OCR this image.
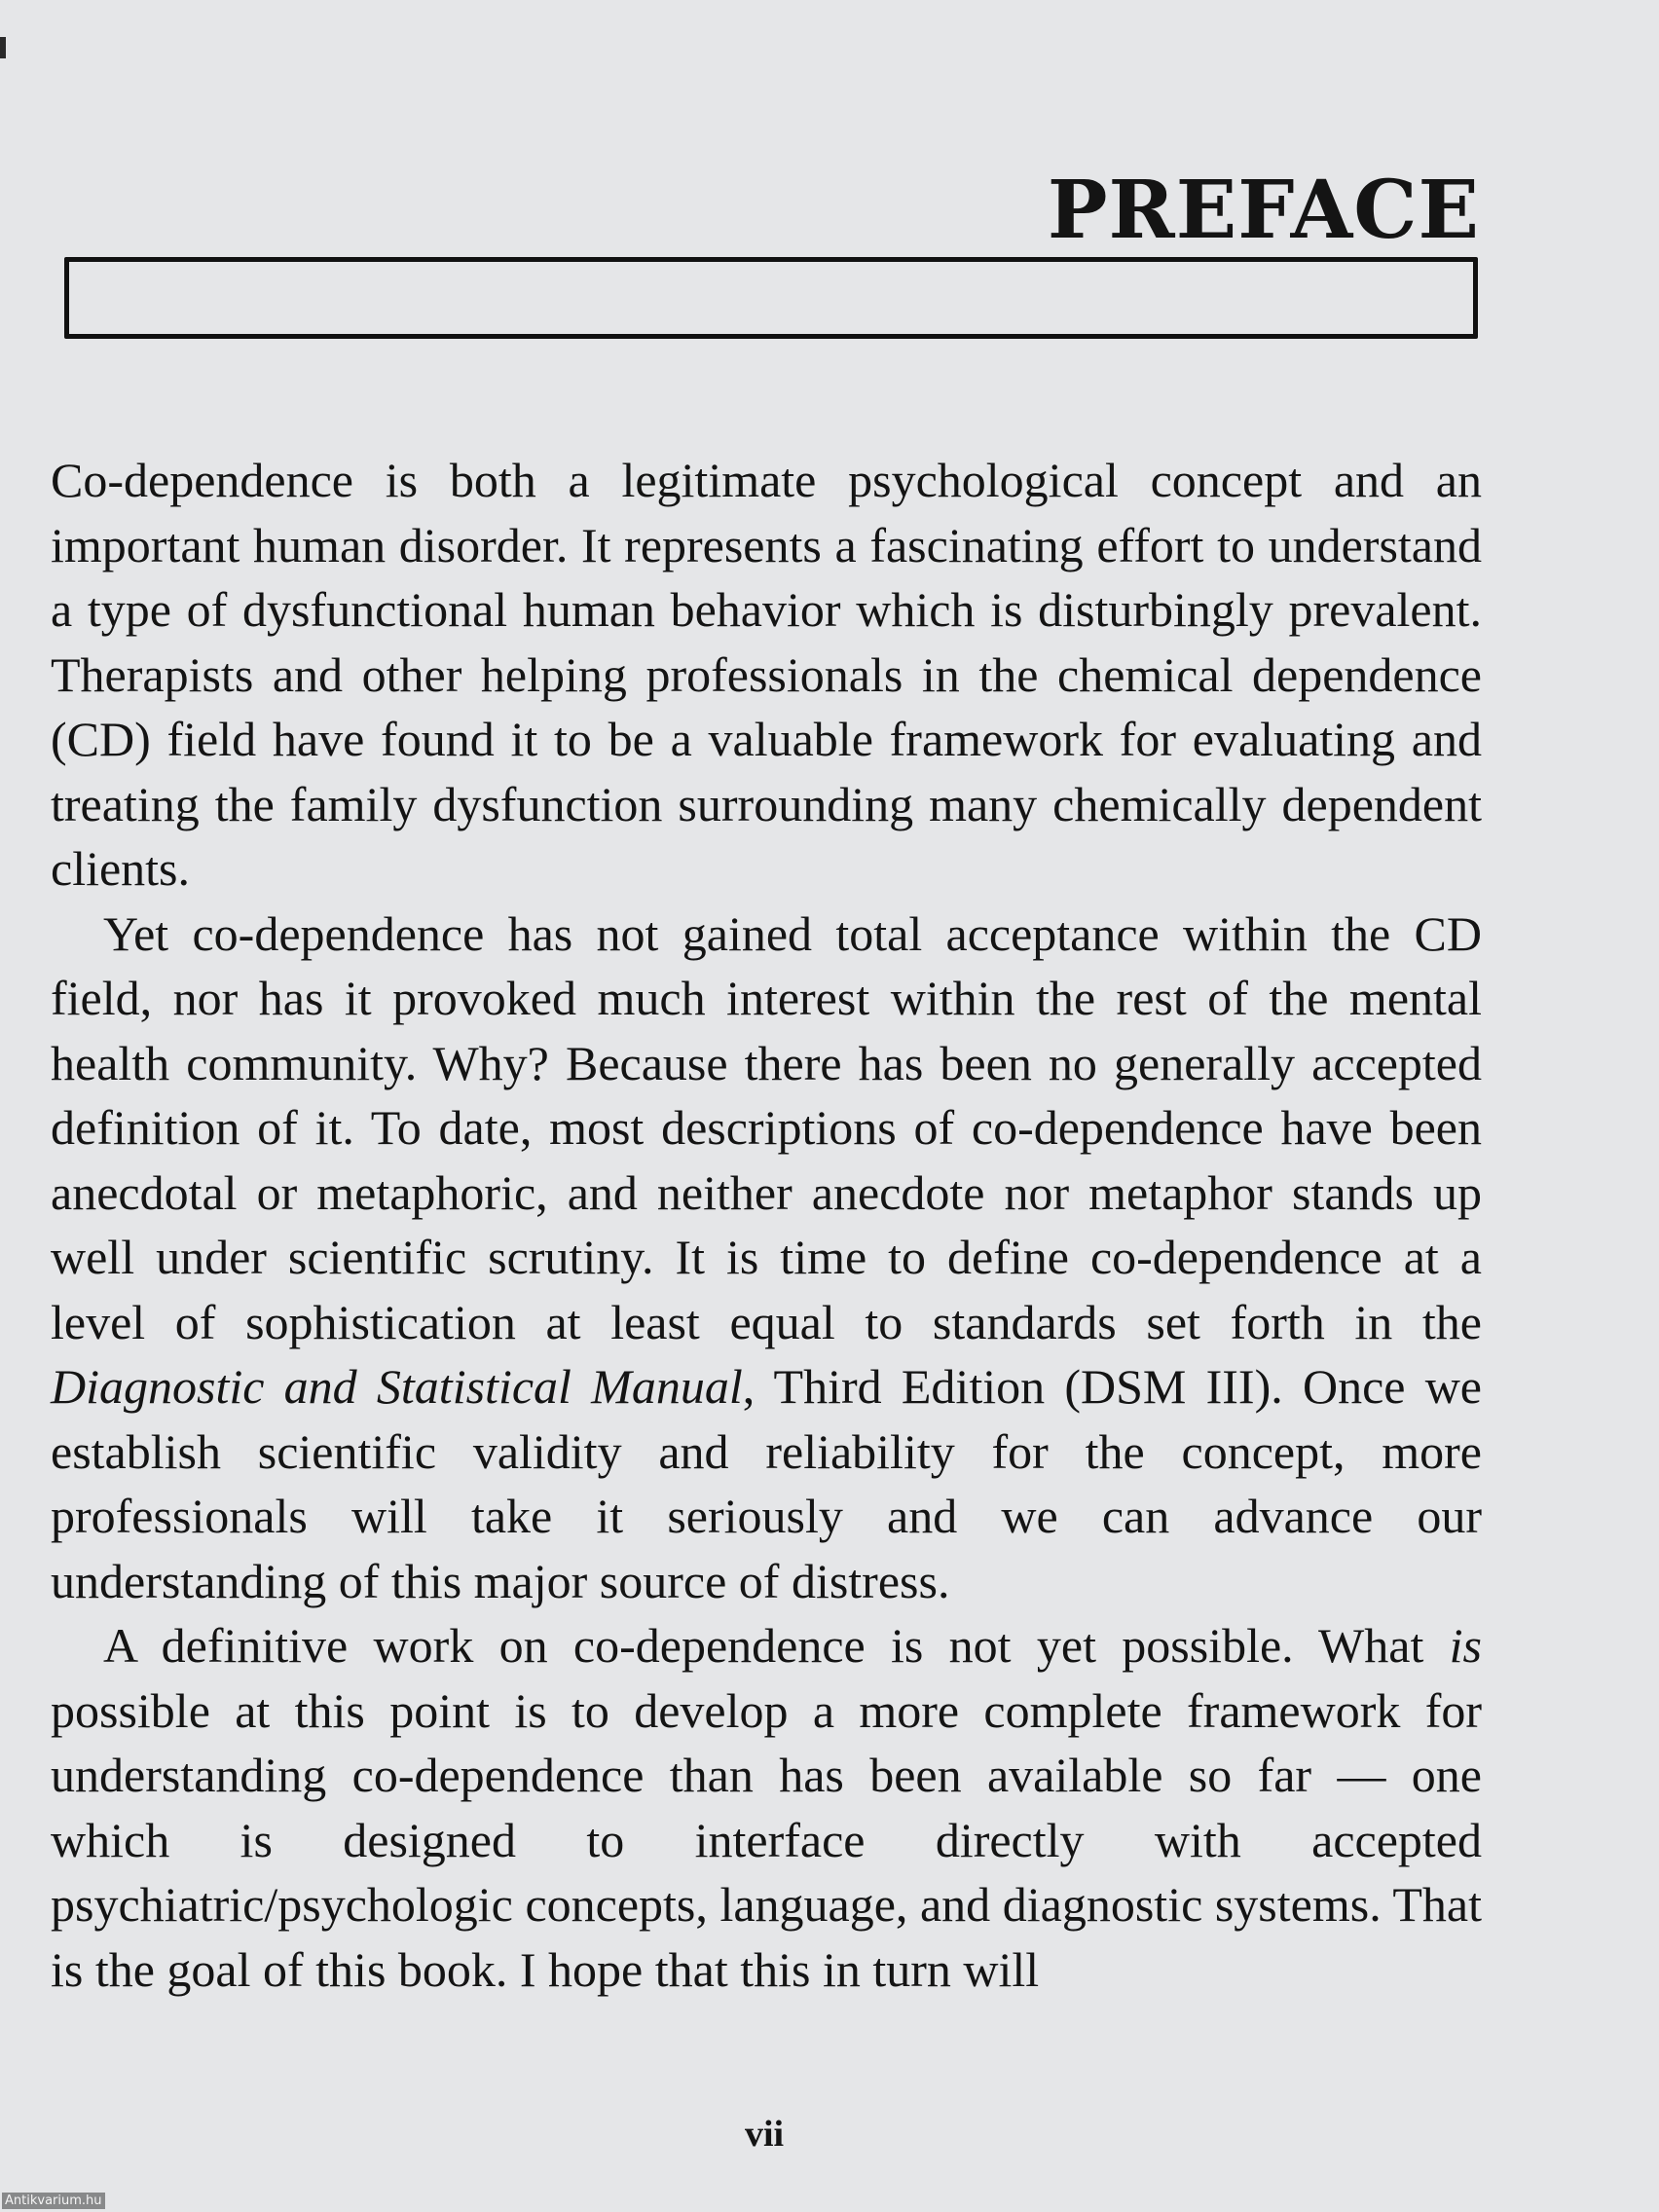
PREFACE

Co-dependence is both a legitimate psychological concept and an important human disorder. It represents a fascinating effort to understand a type of dysfunctional human behavior which is disturbingly prevalent. Therapists and other helping professionals in the chemical dependence (CD) field have found it to be a valuable framework for evaluating and treating the family dysfunction surrounding many chemically dependent clients.

Yet co-dependence has not gained total acceptance within the CD field, nor has it provoked much interest within the rest of the mental health community. Why? Because there has been no generally accepted definition of it. To date, most descriptions of co-dependence have been anecdotal or metaphoric, and neither anecdote nor metaphor stands up well under scientific scrutiny. It is time to define co-dependence at a level of sophistication at least equal to standards set forth in the Diagnostic and Statistical Manual, Third Edition (DSM III). Once we establish scientific validity and reliability for the concept, more professionals will take it seriously and we can advance our understanding of this major source of distress.

A definitive work on co-dependence is not yet possible. What is possible at this point is to develop a more complete framework for understanding co-dependence than has been available so far — one which is designed to interface directly with accepted psychiatric/psychologic concepts, language, and diagnostic systems. That is the goal of this book. I hope that this in turn will

vii
Antikvarium.hu
